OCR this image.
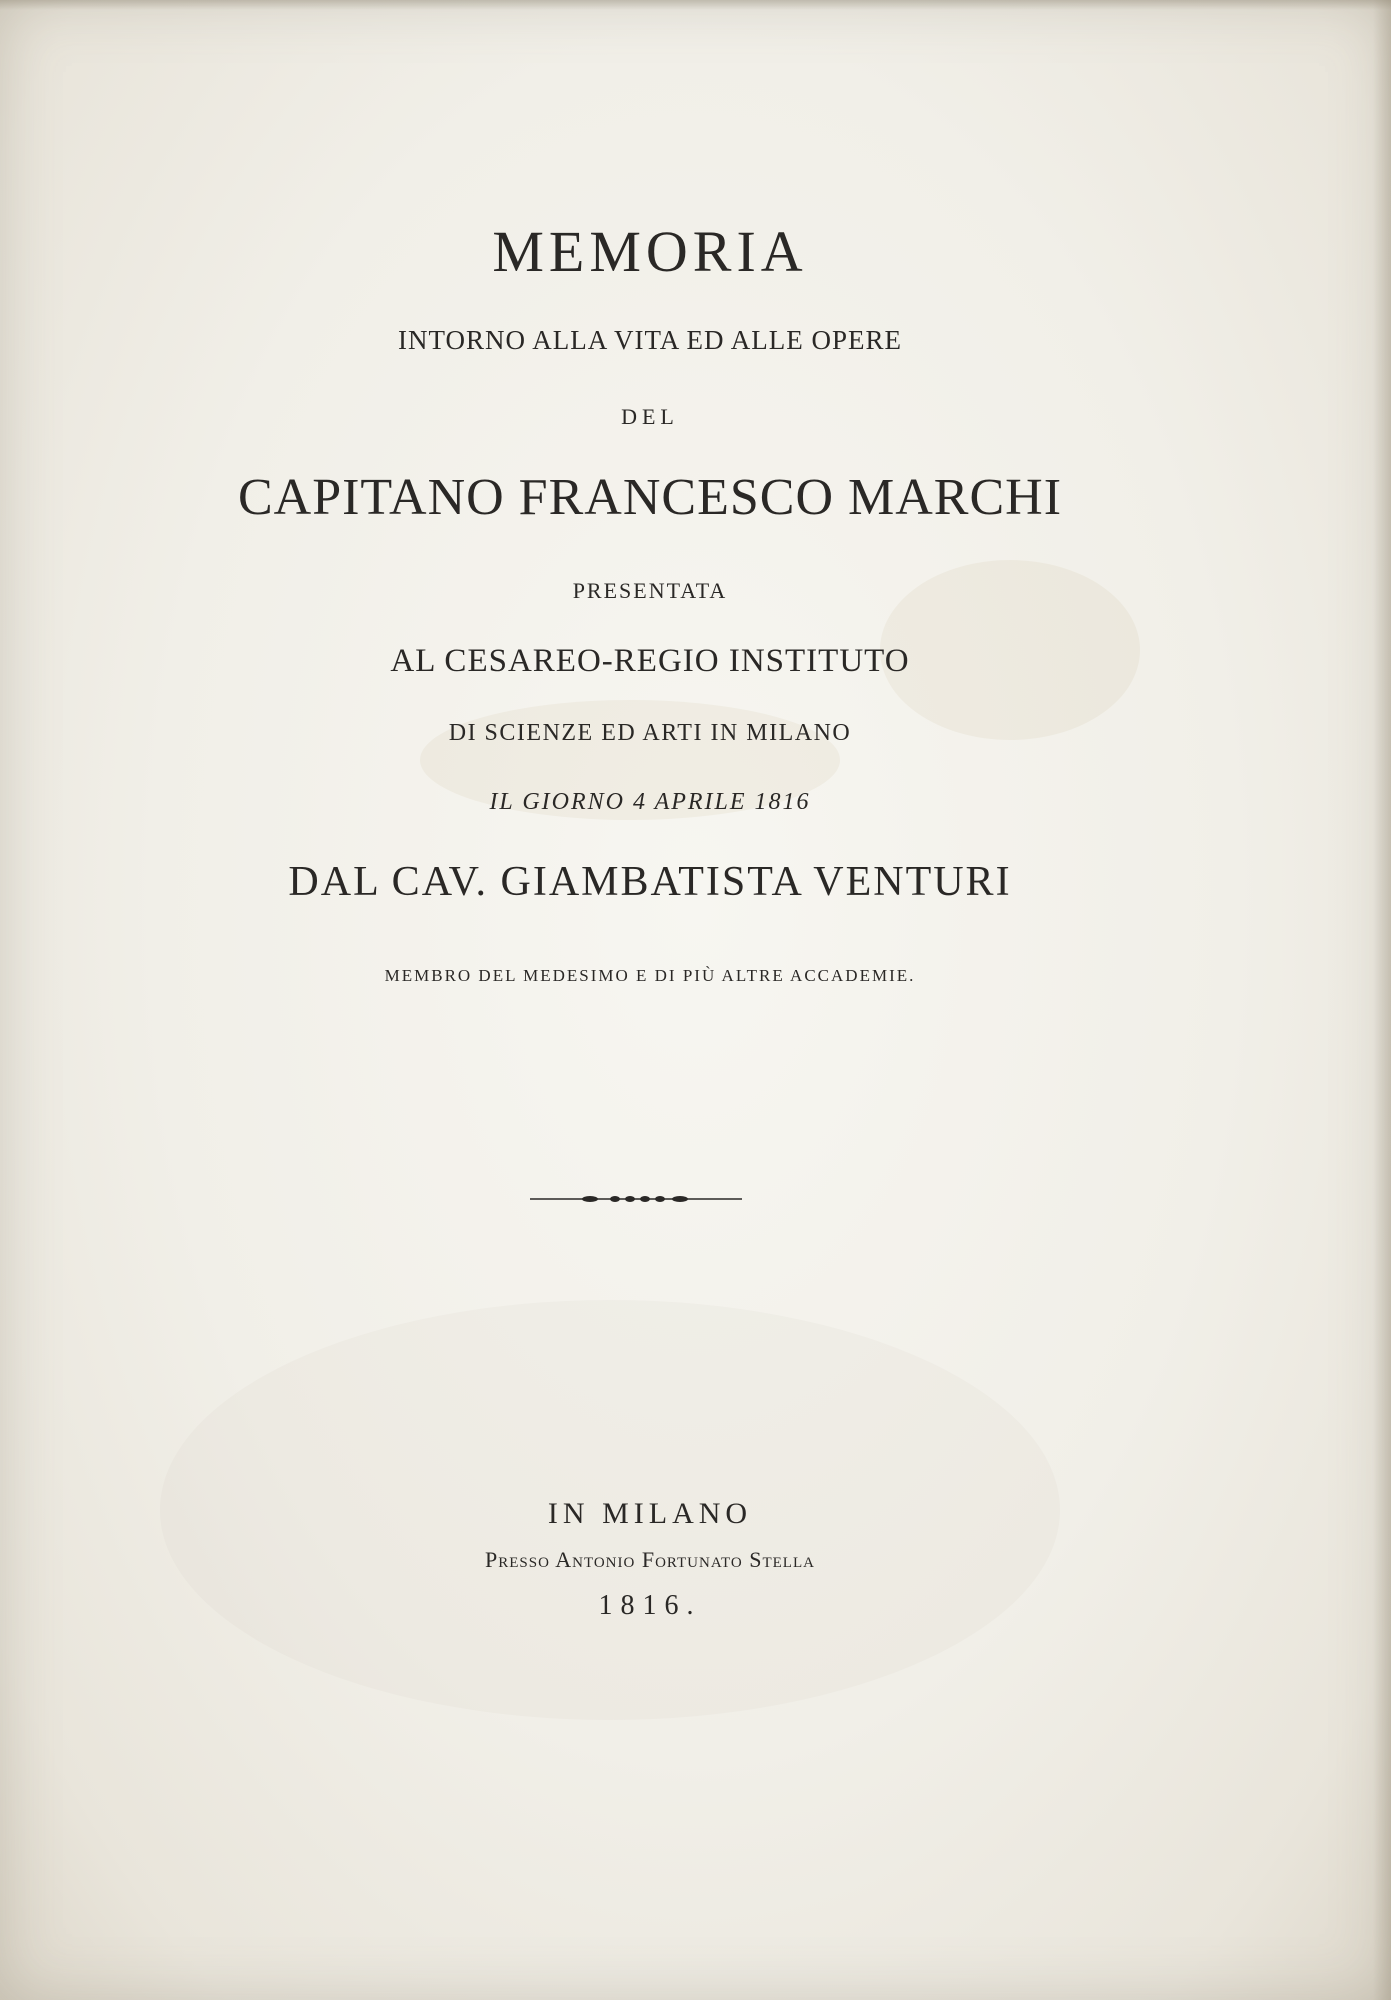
MEMORIA
INTORNO ALLA VITA ED ALLE OPERE
DEL
CAPITANO FRANCESCO MARCHI
PRESENTATA
AL CESAREO-REGIO INSTITUTO
DI SCIENZE ED ARTI IN MILANO
IL GIORNO 4 APRILE 1816
DAL CAV. GIAMBATISTA VENTURI
MEMBRO DEL MEDESIMO E DI PIÙ ALTRE ACCADEMIE.
IN MILANO
Presso Antonio Fortunato Stella
1816.
